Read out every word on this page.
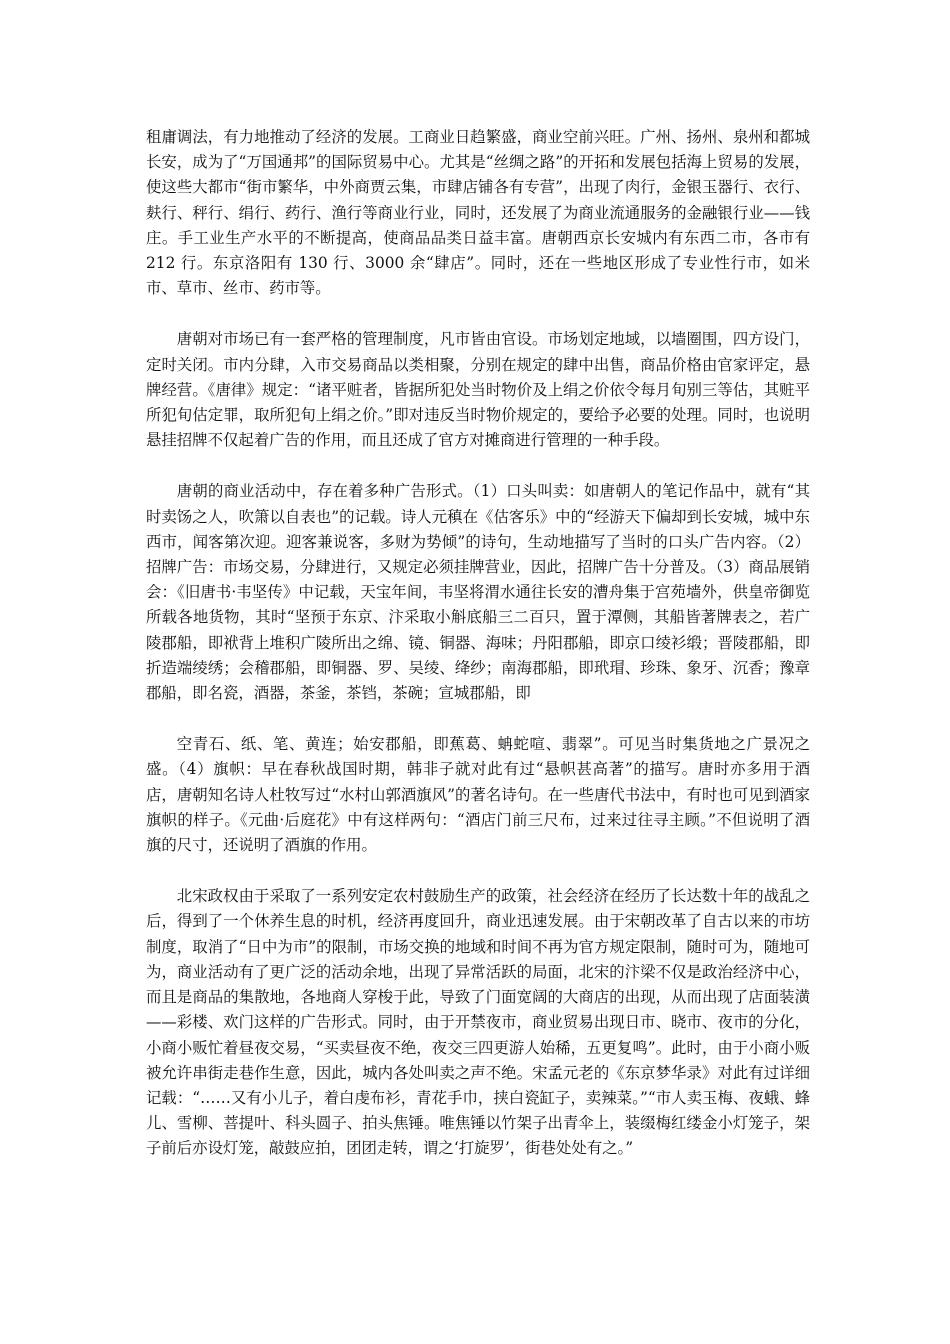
租庸调法，有力地推动了经济的发展。工商业日趋繁盛，商业空前兴旺。广州、扬州、泉州和都城长安，成为了“万国通邦”的国际贸易中心。尤其是“丝绸之路”的开拓和发展包括海上贸易的发展，使这些大都市“街市繁华，中外商贾云集，市肆店铺各有专营”，出现了肉行，金银玉器行、衣行、麸行、秤行、绢行、药行、渔行等商业行业，同时，还发展了为商业流通服务的金融银行业——钱庄。手工业生产水平的不断提高，使商品品类日益丰富。唐朝西京长安城内有东西二市，各市有 212 行。东京洛阳有 130 行、3000 余“肆店”。同时，还在一些地区形成了专业性行市，如米市、草市、丝市、药市等。

唐朝对市场已有一套严格的管理制度，凡市皆由官设。市场划定地域，以墙圈围，四方设门，定时关闭。市内分肆，入市交易商品以类相聚，分别在规定的肆中出售，商品价格由官家评定，悬牌经营。《唐律》规定：“诸平赃者，皆据所犯处当时物价及上绢之价依令每月旬别三等估，其赃平所犯旬估定罪，取所犯旬上绢之价。”即对违反当时物价规定的，要给予必要的处理。同时，也说明悬挂招牌不仅起着广告的作用，而且还成了官方对摊商进行管理的一种手段。

唐朝的商业活动中，存在着多种广告形式。（1）口头叫卖：如唐朝人的笔记作品中，就有“其时卖饧之人，吹箫以自表也”的记载。诗人元稹在《估客乐》中的“经游天下偏却到长安城，城中东西市，闻客第次迎。迎客兼说客，多财为势倾”的诗句，生动地描写了当时的口头广告内容。（2）招牌广告：市场交易，分肆进行，又规定必须挂牌营业，因此，招牌广告十分普及。（3）商品展销会：《旧唐书·韦坚传》中记载，天宝年间，韦坚将渭水通往长安的漕舟集于宫苑墙外，供皇帝御览所载各地货物，其时“坚预于东京、汴采取小斛底船三二百只，置于潭侧，其船皆著牌表之，若广陵郡船，即袱背上堆积广陵所出之绵、镜、铜器、海味；丹阳郡船，即京口绫衫缎；晋陵郡船，即折造端绫绣；会稽郡船，即铜器、罗、吴绫、绛纱；南海郡船，即玳瑁、珍珠、象牙、沉香；豫章郡船，即名瓷，酒器，茶釜，茶铛，茶碗；宣城郡船，即

空青石、纸、笔、黄连；始安郡船，即蕉葛、蚺蛇喧、翡翠”。可见当时集货地之广景况之盛。（4）旗帜：早在春秋战国时期，韩非子就对此有过“悬帜甚高著”的描写。唐时亦多用于酒店，唐朝知名诗人杜牧写过“水村山郭酒旗风”的著名诗句。在一些唐代书法中，有时也可见到酒家旗帜的样子。《元曲·后庭花》中有这样两句：“酒店门前三尺布，过来过往寻主顾。”不但说明了酒旗的尺寸，还说明了酒旗的作用。

北宋政权由于采取了一系列安定农村鼓励生产的政策，社会经济在经历了长达数十年的战乱之后，得到了一个休养生息的时机，经济再度回升，商业迅速发展。由于宋朝改革了自古以来的市坊制度，取消了“日中为市”的限制，市场交换的地域和时间不再为官方规定限制，随时可为，随地可为，商业活动有了更广泛的活动余地，出现了异常活跃的局面，北宋的汴梁不仅是政治经济中心，而且是商品的集散地，各地商人穿梭于此，导致了门面宽阔的大商店的出现，从而出现了店面装潢——彩楼、欢门这样的广告形式。同时，由于开禁夜市，商业贸易出现日市、晓市、夜市的分化，小商小贩忙着昼夜交易，“买卖昼夜不绝，夜交三四更游人始稀，五更复鸣”。此时，由于小商小贩被允许串街走巷作生意，因此，城内各处叫卖之声不绝。宋孟元老的《东京梦华录》对此有过详细记载：“……又有小儿子，着白虔布衫，青花手巾，挟白瓷缸子，卖辣菜。”“市人卖玉梅、夜蛾、蜂儿、雪柳、菩提叶、科头圆子、拍头焦锤。唯焦锤以竹架子出青伞上，装缀梅红缕金小灯笼子，架子前后亦设灯笼，敲鼓应拍，团团走转，谓之‘打旋罗’，街巷处处有之。”
